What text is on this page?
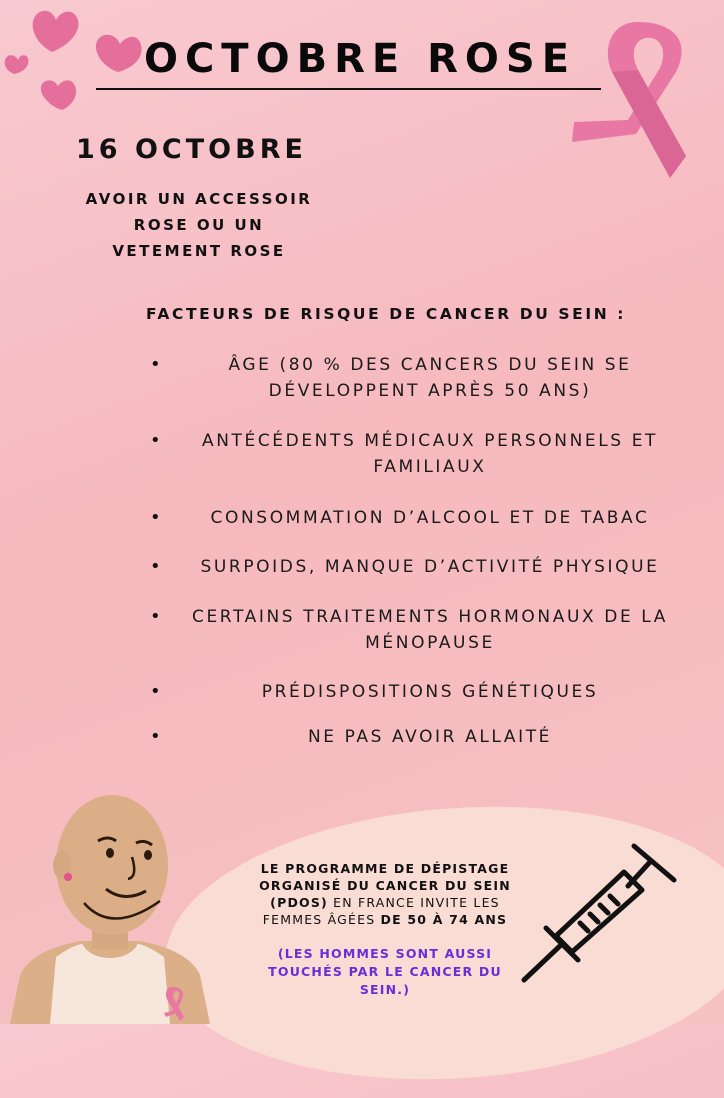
OCTOBRE ROSE
16 OCTOBRE
AVOIR UN ACCESSOIR
ROSE OU UN
VETEMENT ROSE
FACTEURS DE RISQUE DE CANCER DU SEIN :
•	ÂGE (80 % DES CANCERS DU SEIN SE
DÉVELOPPENT APRÈS 50 ANS)
•	ANTÉCÉDENTS MÉDICAUX PERSONNELS ET
FAMILIAUX
•	CONSOMMATION D’ALCOOL ET DE TABAC
•	SURPOIDS, MANQUE D’ACTIVITÉ PHYSIQUE
•	CERTAINS TRAITEMENTS HORMONAUX DE LA
MÉNOPAUSE
•	PRÉDISPOSITIONS GÉNÉTIQUES
•	NE PAS AVOIR ALLAITÉ
LE PROGRAMME DE DÉPISTAGE
ORGANISÉ DU CANCER DU SEIN
(PDOS) EN FRANCE INVITE LES
FEMMES ÂGÉES DE 50 À 74 ANS
(LES HOMMES SONT AUSSI
TOUCHÉS PAR LE CANCER DU
SEIN.)
